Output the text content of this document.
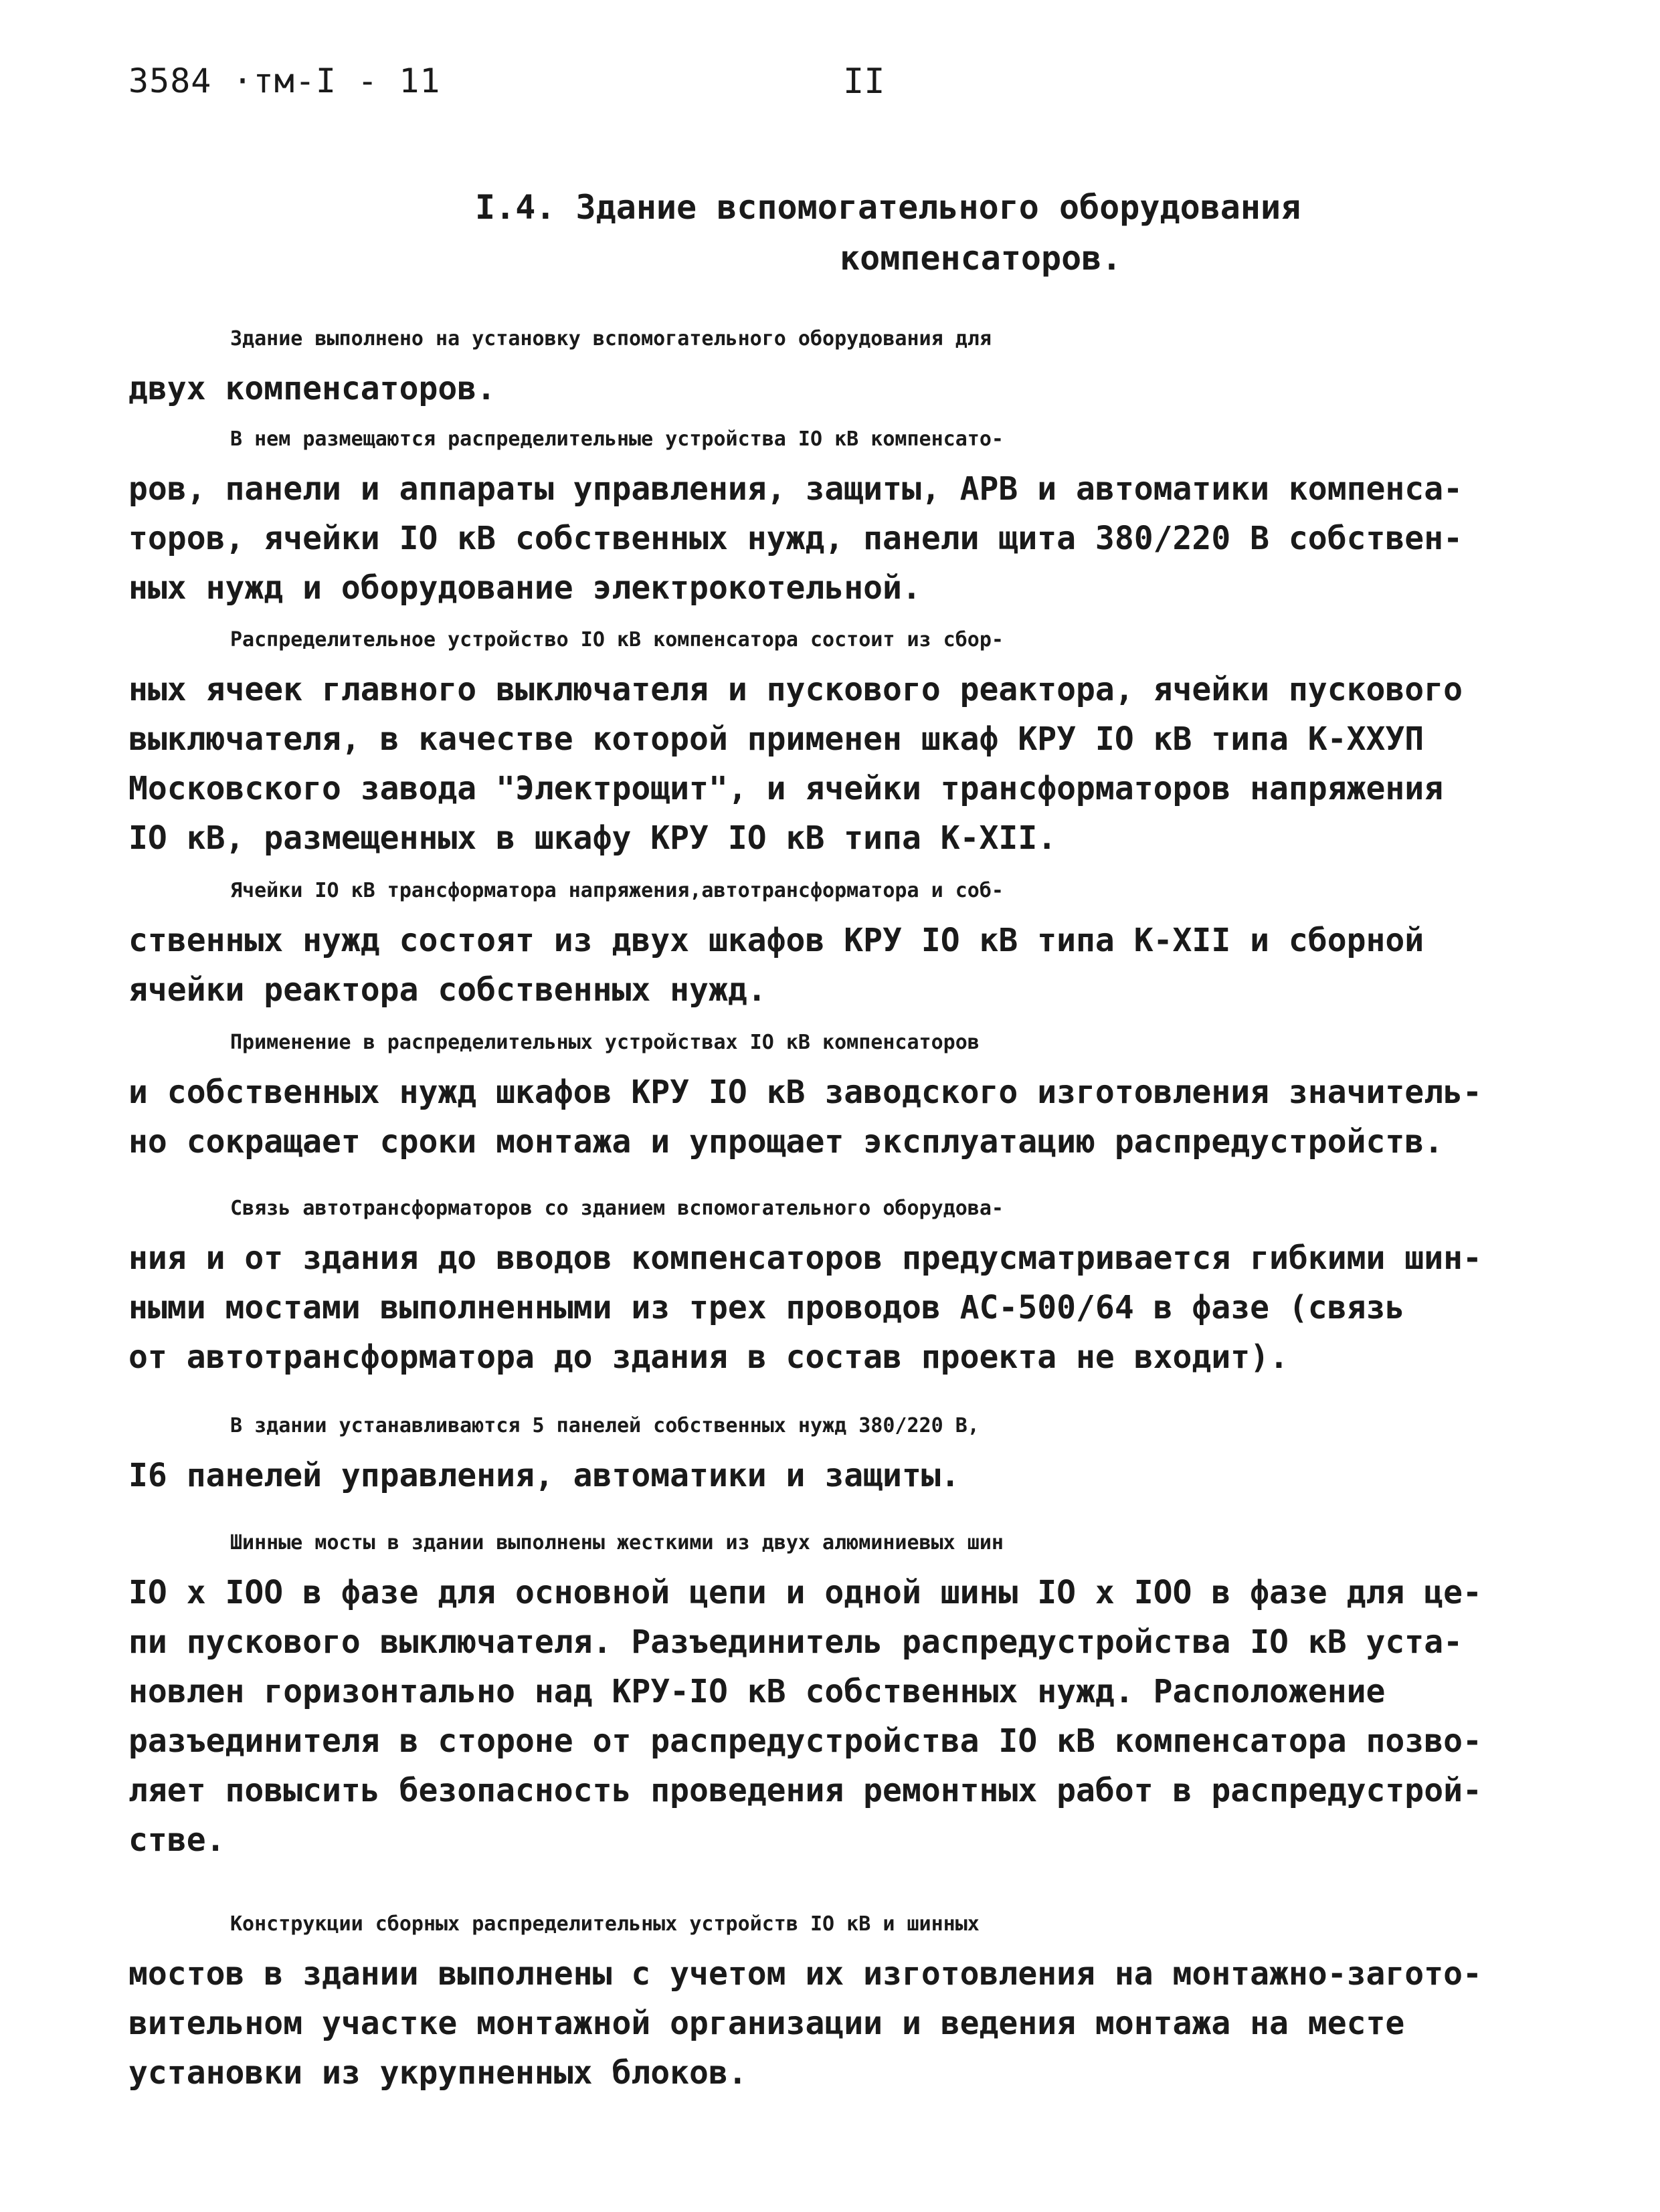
3584 ·тм-I - 11	II
I.4. Здание вспомогательного оборудования
компенсаторов.
Здание выполнено на установку вспомогательного оборудования для
двух компенсаторов.
В нем размещаются распределительные устройства IO кВ компенсато-
ров, панели и аппараты управления, защиты, АРВ и автоматики компенса-
торов, ячейки IO кВ собственных нужд, панели щита 380/220 В собствен-
ных нужд и оборудование электрокотельной.
Распределительное устройство IO кВ компенсатора состоит из сбор-
ных ячеек главного выключателя и пускового реактора, ячейки пускового
выключателя, в качестве которой применен шкаф КРУ IO кВ типа К-XXУП
Московского завода "Электрощит", и ячейки трансформаторов напряжения
IO кВ, размещенных в шкафу КРУ IO кВ типа К-XII.
Ячейки IO кВ трансформатора напряжения,автотрансформатора и соб-
ственных нужд состоят из двух шкафов КРУ IO кВ типа К-XII и сборной
ячейки реактора собственных нужд.
Применение в распределительных устройствах IO кВ компенсаторов
и собственных нужд шкафов КРУ IO кВ заводского изготовления значитель-
но сокращает сроки монтажа и упрощает эксплуатацию распредустройств.
Связь автотрансформаторов со зданием вспомогательного оборудова-
ния и от здания до вводов компенсаторов предусматривается гибкими шин-
ными мостами выполненными из трех проводов АС-500/64 в фазе (связь
от автотрансформатора до здания в состав проекта не входит).
В здании устанавливаются 5 панелей собственных нужд 380/220 В,
I6 панелей управления, автоматики и защиты.
Шинные мосты в здании выполнены жесткими из двух алюминиевых шин
IO x IOO в фазе для основной цепи и одной шины IO x IOO в фазе для це-
пи пускового выключателя. Разъединитель распредустройства IO кВ уста-
новлен горизонтально над КРУ-IO кВ собственных нужд. Расположение
разъединителя в стороне от распредустройства IO кВ компенсатора позво-
ляет повысить безопасность проведения ремонтных работ в распредустрой-
стве.
Конструкции сборных распределительных устройств IO кВ и шинных
мостов в здании выполнены с учетом их изготовления на монтажно-загото-
вительном участке монтажной организации и ведения монтажа на месте
установки из укрупненных блоков.
